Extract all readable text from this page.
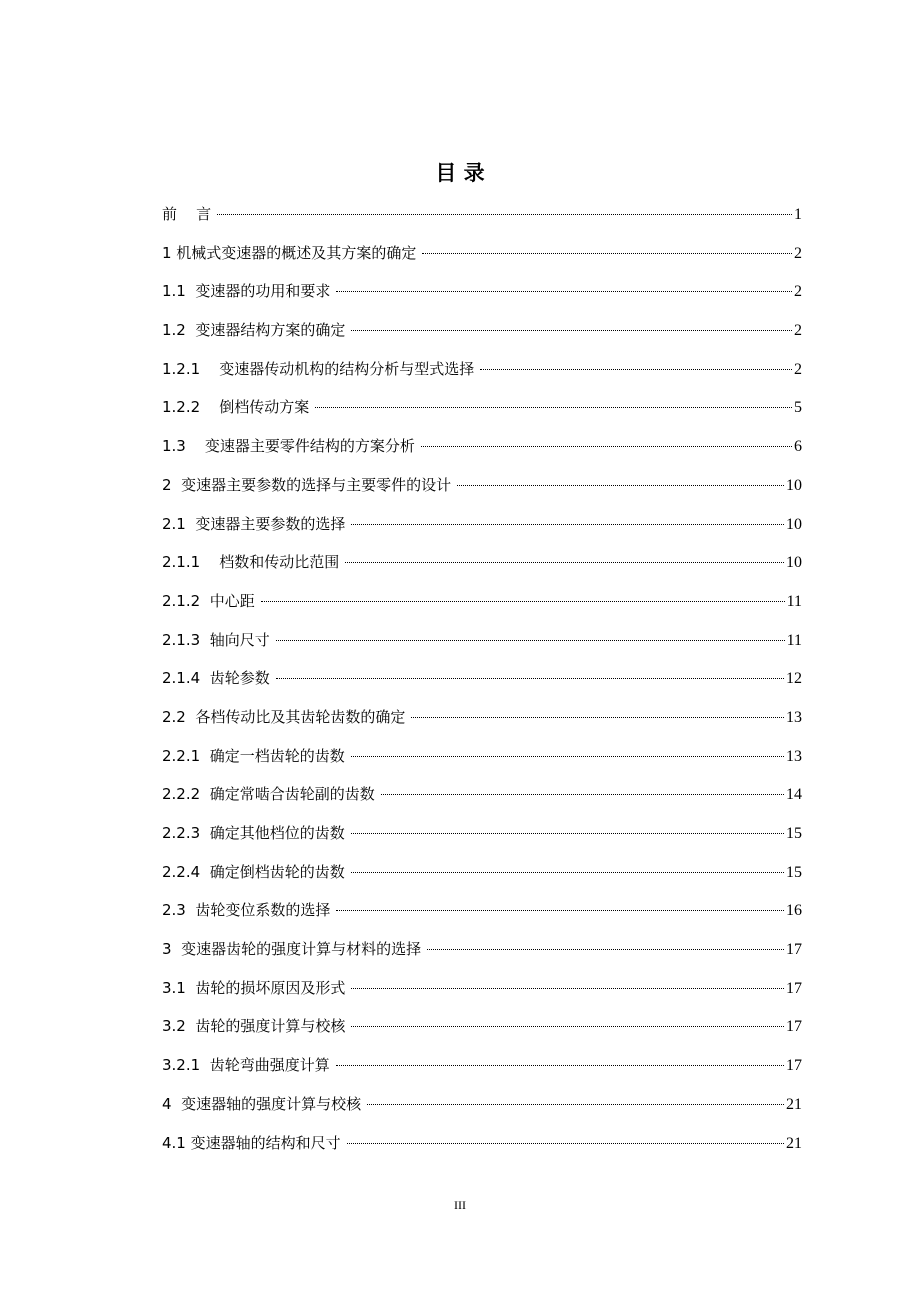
目 录
前    言	1
1 机械式变速器的概述及其方案的确定	2
1.1  变速器的功用和要求	2
1.2  变速器结构方案的确定	2
1.2.1    变速器传动机构的结构分析与型式选择	2
1.2.2    倒档传动方案	5
1.3    变速器主要零件结构的方案分析	6
2  变速器主要参数的选择与主要零件的设计	10
2.1  变速器主要参数的选择	10
2.1.1    档数和传动比范围	10
2.1.2  中心距	11
2.1.3  轴向尺寸	11
2.1.4  齿轮参数	12
2.2  各档传动比及其齿轮齿数的确定	13
2.2.1  确定一档齿轮的齿数	13
2.2.2  确定常啮合齿轮副的齿数	14
2.2.3  确定其他档位的齿数	15
2.2.4  确定倒档齿轮的齿数	15
2.3  齿轮变位系数的选择	16
3  变速器齿轮的强度计算与材料的选择	17
3.1  齿轮的损坏原因及形式	17
3.2  齿轮的强度计算与校核	17
3.2.1  齿轮弯曲强度计算	17
4  变速器轴的强度计算与校核	21
4.1 变速器轴的结构和尺寸	21
III
